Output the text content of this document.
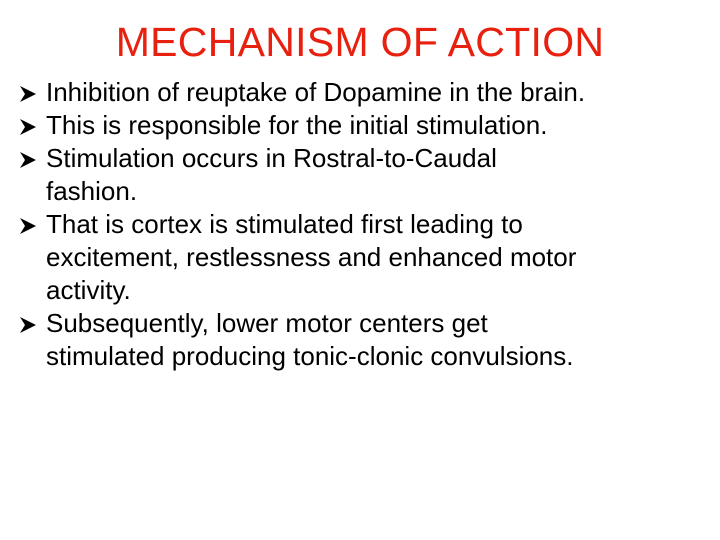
MECHANISM OF ACTION
Inhibition of reuptake of Dopamine in the brain.
This is responsible for the initial stimulation.
Stimulation occurs in Rostral-to-Caudal
fashion.
That is cortex is stimulated first leading to
excitement, restlessness and enhanced motor
activity.
Subsequently, lower motor centers get
stimulated producing tonic-clonic convulsions.
